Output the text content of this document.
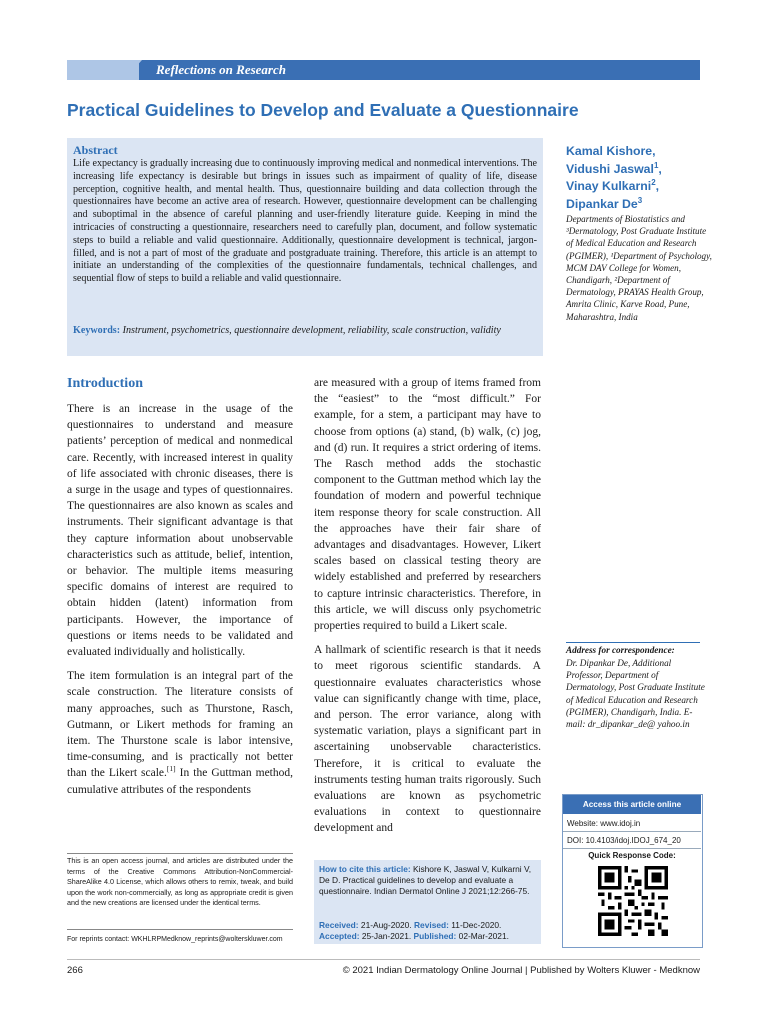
Reflections on Research
Practical Guidelines to Develop and Evaluate a Questionnaire
Abstract
Life expectancy is gradually increasing due to continuously improving medical and nonmedical interventions. The increasing life expectancy is desirable but brings in issues such as impairment of quality of life, disease perception, cognitive health, and mental health. Thus, questionnaire building and data collection through the questionnaires have become an active area of research. However, questionnaire development can be challenging and suboptimal in the absence of careful planning and user-friendly literature guide. Keeping in mind the intricacies of constructing a questionnaire, researchers need to carefully plan, document, and follow systematic steps to build a reliable and valid questionnaire. Additionally, questionnaire development is technical, jargon-filled, and is not a part of most of the graduate and postgraduate training. Therefore, this article is an attempt to initiate an understanding of the complexities of the questionnaire fundamentals, technical challenges, and sequential flow of steps to build a reliable and valid questionnaire.
Keywords: Instrument, psychometrics, questionnaire development, reliability, scale construction, validity
Kamal Kishore,
Vidushi Jaswal$^1$,
Vinay Kulkarni$^2$,
Dipankar De$^3$
Departments of Biostatistics and ³Dermatology, Post Graduate Institute of Medical Education and Research (PGIMER), ¹Department of Psychology, MCM DAV College for Women, Chandigarh, ²Department of Dermatology, PRAYAS Health Group, Amrita Clinic, Karve Road, Pune, Maharashtra, India
Introduction

There is an increase in the usage of the questionnaires to understand and measure patients’ perception of medical and nonmedical care. Recently, with increased interest in quality of life associated with chronic diseases, there is a surge in the usage and types of questionnaires. The questionnaires are also known as scales and instruments. Their significant advantage is that they capture information about unobservable characteristics such as attitude, belief, intention, or behavior. The multiple items measuring specific domains of interest are required to obtain hidden (latent) information from participants. However, the importance of questions or items needs to be validated and evaluated individually and holistically.

The item formulation is an integral part of the scale construction. The literature consists of many approaches, such as Thurstone, Rasch, Gutmann, or Likert methods for framing an item. The Thurstone scale is labor intensive, time-consuming, and is practically not better than the Likert scale.[1] In the Guttman method, cumulative attributes of the respondents

are measured with a group of items framed from the “easiest” to the “most difficult.” For example, for a stem, a participant may have to choose from options (a) stand, (b) walk, (c) jog, and (d) run. It requires a strict ordering of items. The Rasch method adds the stochastic component to the Guttman method which lay the foundation of modern and powerful technique item response theory for scale construction. All the approaches have their fair share of advantages and disadvantages. However, Likert scales based on classical testing theory are widely established and preferred by researchers to capture intrinsic characteristics. Therefore, in this article, we will discuss only psychometric properties required to build a Likert scale.

A hallmark of scientific research is that it needs to meet rigorous scientific standards. A questionnaire evaluates characteristics whose value can significantly change with time, place, and person. The error variance, along with systematic variation, plays a significant part in ascertaining unobservable characteristics. Therefore, it is critical to evaluate the instruments testing human traits rigorously. Such evaluations are known as psychometric evaluations in context to questionnaire development and

This is an open access journal, and articles are distributed under the terms of the Creative Commons Attribution-NonCommercial-ShareAlike 4.0 License, which allows others to remix, tweak, and build upon the work non-commercially, as long as appropriate credit is given and the new creations are licensed under the identical terms.
For reprints contact: WKHLRPMedknow_reprints@wolterskluwer.com
How to cite this article: Kishore K, Jaswal V, Kulkarni V, De D. Practical guidelines to develop and evaluate a questionnaire. Indian Dermatol Online J 2021;12:266-75.
Received: 21-Aug-2020. Revised: 11-Dec-2020.
Accepted: 25-Jan-2021. Published: 02-Mar-2021.
Address for correspondence:
Dr. Dipankar De, Additional Professor, Department of Dermatology, Post Graduate Institute of Medical Education and Research (PGIMER), Chandigarh, India. E-mail: dr_dipankar_de@ yahoo.in
Access this article online
Website: www.idoj.in
DOI: 10.4103/idoj.IDOJ_674_20
Quick Response Code:
266	© 2021 Indian Dermatology Online Journal | Published by Wolters Kluwer - Medknow
